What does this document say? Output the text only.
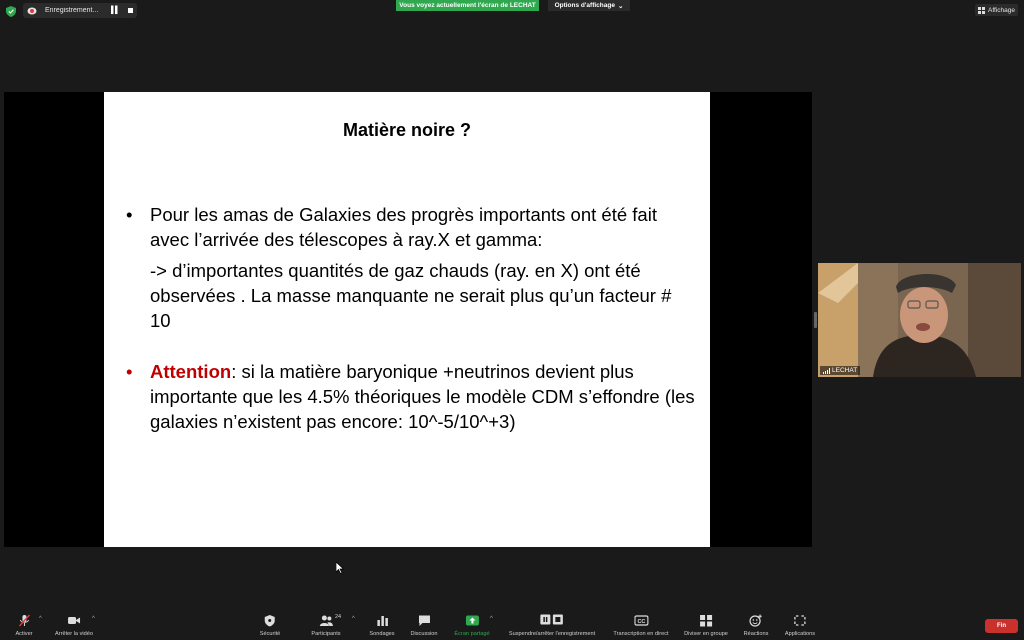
Enregistrement...	▌▌
Vous voyez actuellement l'écran de LECHAT	Options d'affichage ⌄
Affichage
Matière noire ?
• Pour les amas de Galaxies des progrès importants ont été fait avec l’arrivée des télescopes à ray.X et gamma:
-> d’importantes quantités de gaz chauds (ray. en X) ont été observées . La masse manquante ne serait plus qu’un facteur # 10
• Attention: si la matière baryonique +neutrinos devient plus importante que les 4.5% théoriques le modèle CDM s’effondre (les galaxies n’existent pas encore: 10^-5/10^+3)
LECHAT
Activer
^
Arrêter la vidéo
^
Sécurité	Participants
24 ^
Sondages	Discussion	Écran partagé
^
Suspendre/arrêter l'enregistrement
CC
Transcription en direct	Diviser en groupe	Réactions	Applications
Fin
